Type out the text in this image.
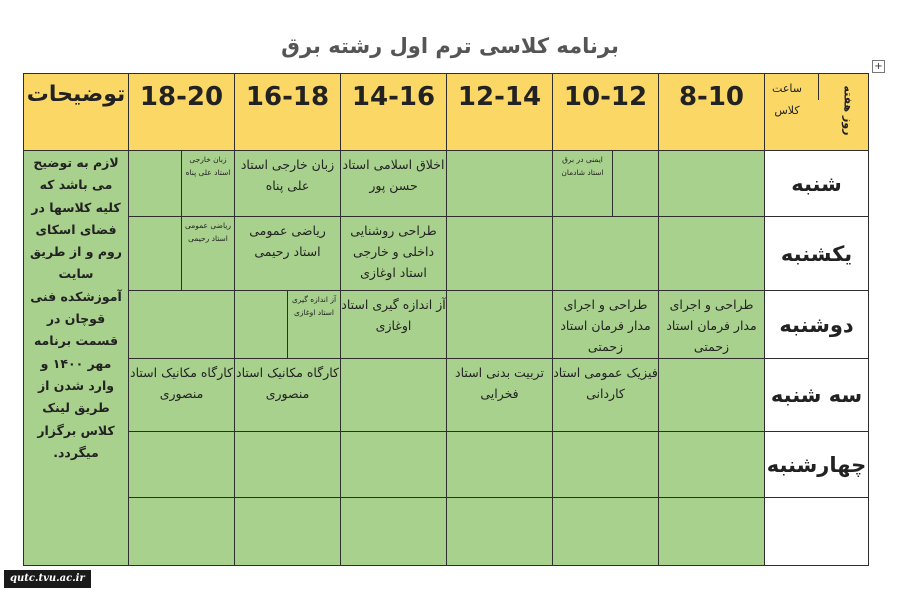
برنامه کلاسی ترم اول رشته برق
+
ساعت کلاس	روز هفته
8-10
10-12
12-14
14-16
16-18
18-20
توضیحات
لازم به توضیح می باشد که کلیه کلاسها در فضای اسکای روم و از طریق سایت آموزشکده فنی قوچان در قسمت برنامه مهر ۱۴۰۰ و وارد شدن از طریق لینک کلاس برگزار میگردد.
شنبه
یکشنبه
دوشنبه
سه شنبه
چهارشنبه
ایمنی در برق استاد شادمان
اخلاق اسلامی استاد حسن پور
زبان خارجی استاد علی پناه
زبان خارجی استاد علی پناه
طراحی روشنایی داخلی و خارجی استاد اوغازی
ریاضی عمومی استاد رحیمی
ریاضی عمومی استاد رحیمی
طراحی و اجرای مدار فرمان استاد زحمتی
طراحی و اجرای مدار فرمان استاد زحمتی
آز اندازه گیری استاد اوغازی
آز اندازه گیری استاد اوغازی
فیزیک عمومی استاد کاردانی
تربیت بدنی استاد فخرایی
کارگاه مکانیک استاد منصوری
کارگاه مکانیک استاد منصوری
qutc.tvu.ac.ir
